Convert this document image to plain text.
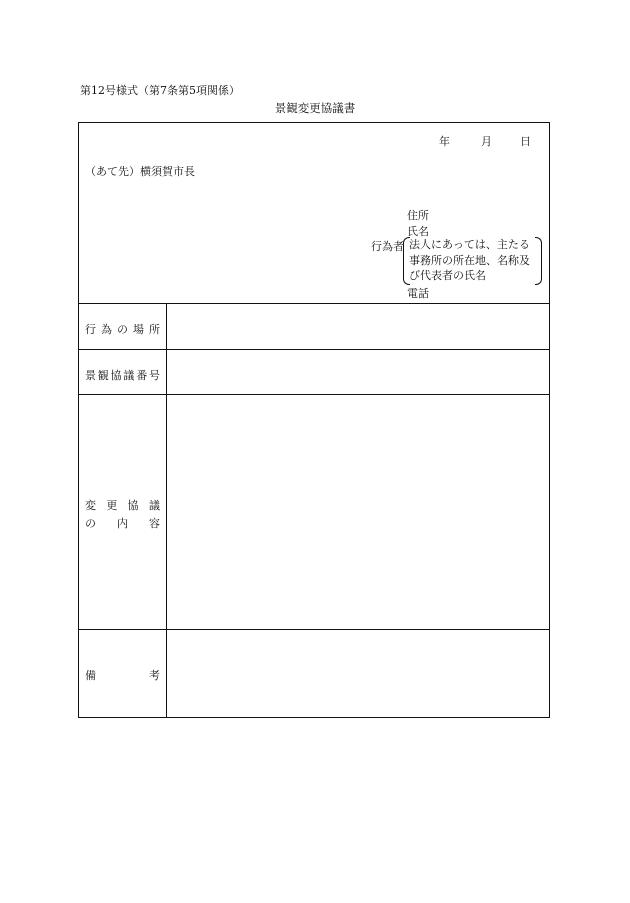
第12号様式（第7条第5項関係）
景観変更協議書
年	月	日
（あて先）横須賀市長
住所
氏名
行為者 法人にあっては、主たる事務所の所在地、名称及び代表者の氏名
電話
行 為 の 場 所
景 観 協 議 番 号
変 更 協 議
の 内 容
備	考
